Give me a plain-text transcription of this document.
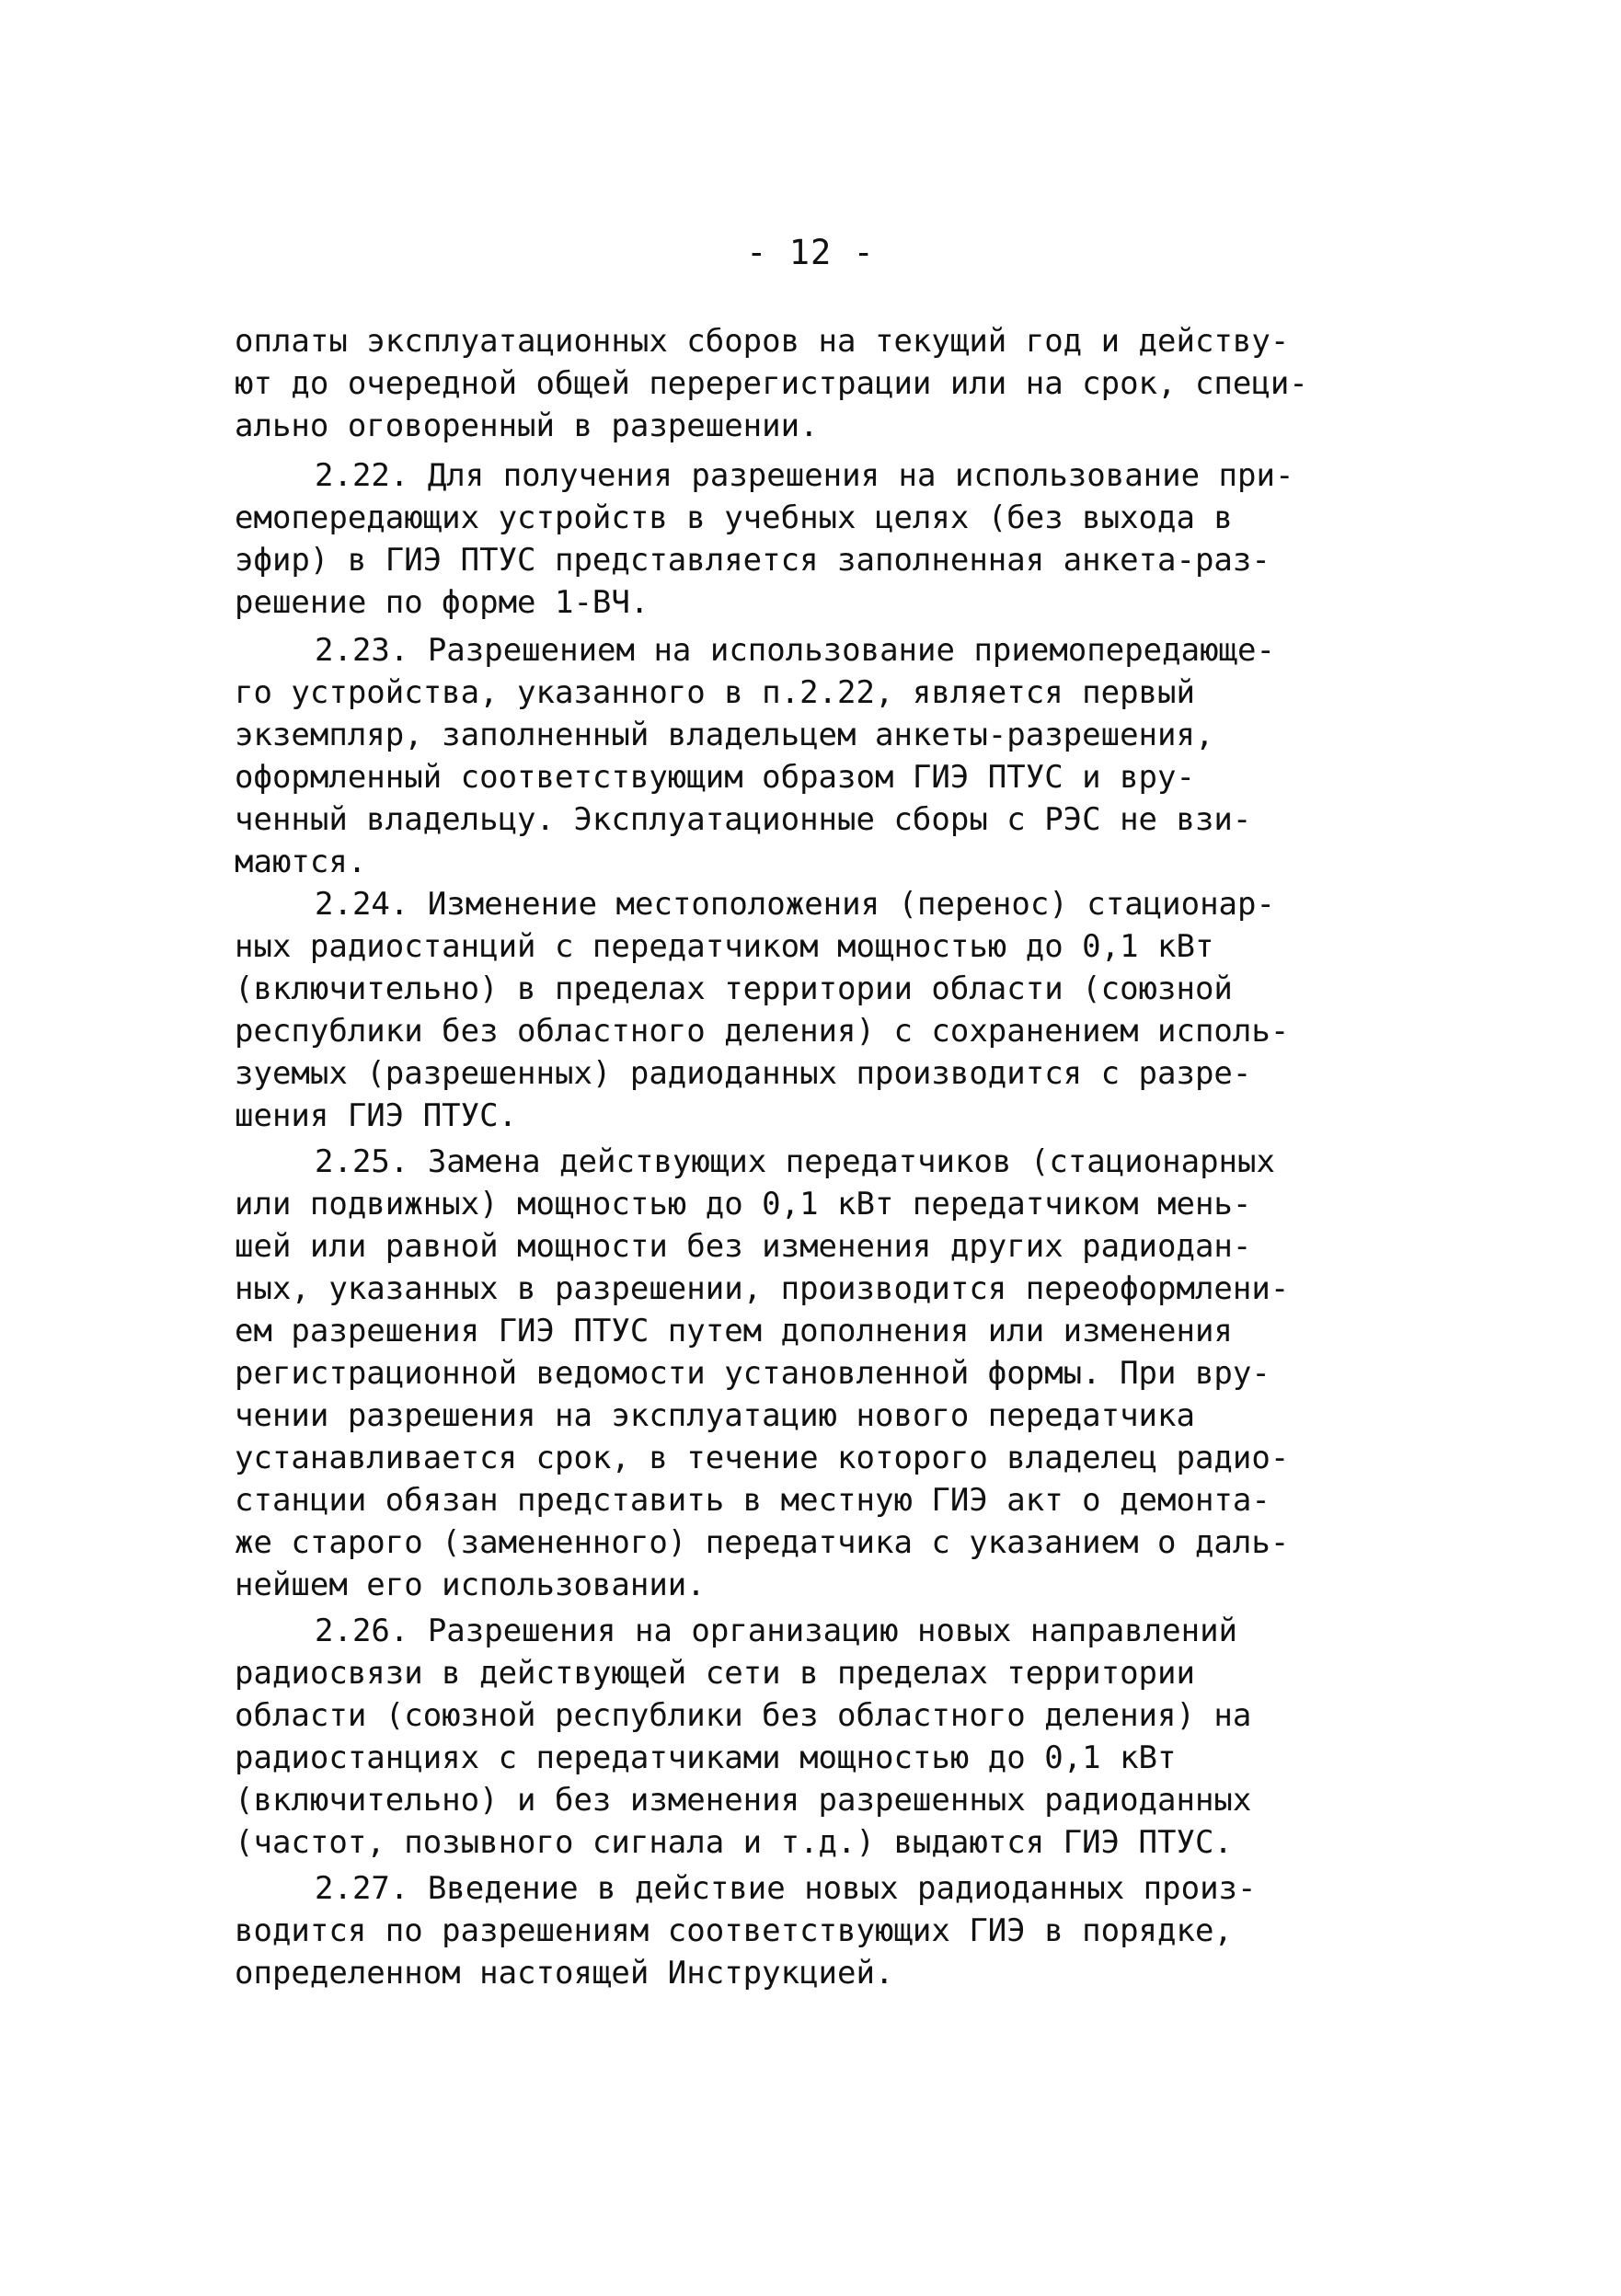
- 12 -
оплаты эксплуатационных сборов на текущий год и действу-
ют до очередной общей перерегистрации или на срок, специ-
ально оговоренный в разрешении.
2.22. Для получения разрешения на использование при-
емопередающих устройств в учебных целях (без выхода в
эфир) в ГИЭ ПТУС представляется заполненная анкета-раз-
решение по форме 1-ВЧ.
2.23. Разрешением на использование приемопередающе-
го устройства, указанного в п.2.22, является первый
экземпляр, заполненный владельцем анкеты-разрешения,
оформленный соответствующим образом ГИЭ ПТУС и вру-
ченный владельцу. Эксплуатационные сборы с РЭС не взи-
маются.
2.24. Изменение местоположения (перенос) стационар-
ных радиостанций с передатчиком мощностью до 0,1 кВт
(включительно) в пределах территории области (союзной
республики без областного деления) с сохранением исполь-
зуемых (разрешенных) радиоданных производится с разре-
шения ГИЭ ПТУС.
2.25. Замена действующих передатчиков (стационарных
или подвижных) мощностью до 0,1 кВт передатчиком мень-
шей или равной мощности без изменения других радиодан-
ных, указанных в разрешении, производится переоформлени-
ем разрешения ГИЭ ПТУС путем дополнения или изменения
регистрационной ведомости установленной формы. При вру-
чении разрешения на эксплуатацию нового передатчика
устанавливается срок, в течение которого владелец радио-
станции обязан представить в местную ГИЭ акт о демонта-
же старого (замененного) передатчика с указанием о даль-
нейшем его использовании.
2.26. Разрешения на организацию новых направлений
радиосвязи в действующей сети в пределах территории
области (союзной республики без областного деления) на
радиостанциях с передатчиками мощностью до 0,1 кВт
(включительно) и без изменения разрешенных радиоданных
(частот, позывного сигнала и т.д.) выдаются ГИЭ ПТУС.
2.27. Введение в действие новых радиоданных произ-
водится по разрешениям соответствующих ГИЭ в порядке,
определенном настоящей Инструкцией.
